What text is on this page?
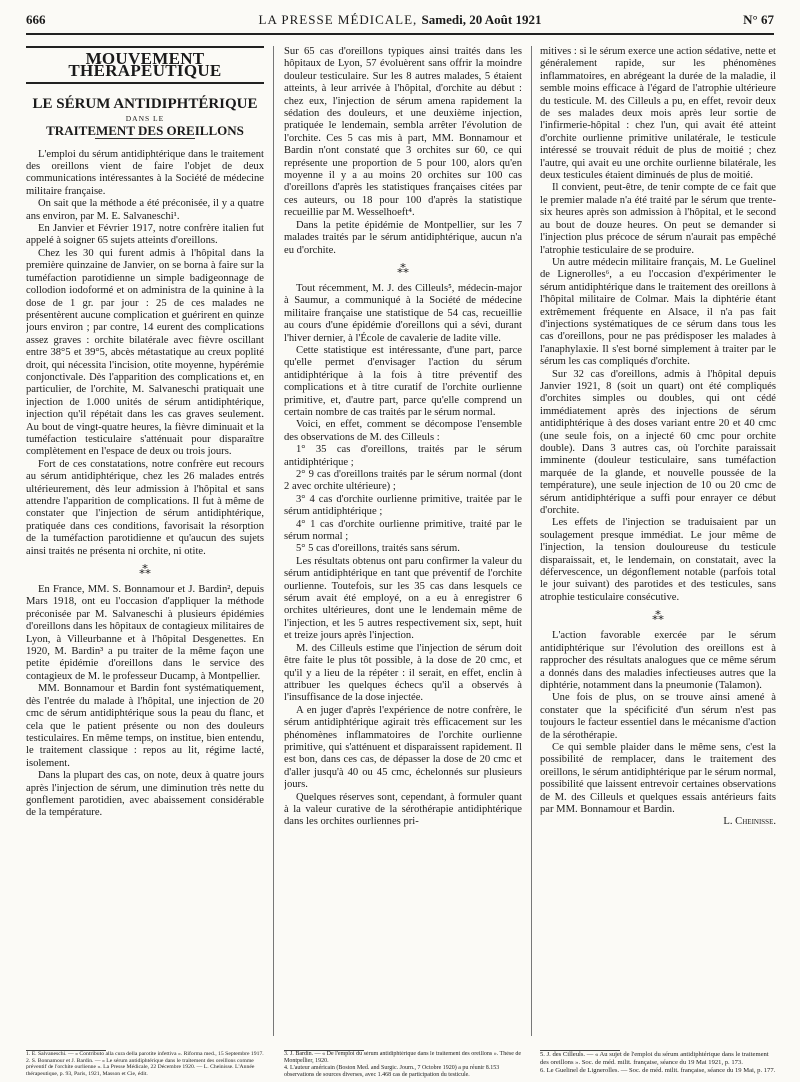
666	LA PRESSE MÉDICALE, Samedi, 20 Août 1921	N° 67
MOUVEMENT THÉRAPEUTIQUE

LE SÉRUM ANTIDIPHTÉRIQUE

DANS LE

TRAITEMENT DES OREILLONS

L'emploi du sérum antidiphtérique dans le traitement des oreillons vient de faire l'objet de deux communications intéressantes à la Société de médecine militaire française.

On sait que la méthode a été préconisée, il y a quatre ans environ, par M. E. Salvaneschi¹.

En Janvier et Février 1917, notre confrère italien fut appelé à soigner 65 sujets atteints d'oreillons.

Chez les 30 qui furent admis à l'hôpital dans la première quinzaine de Janvier, on se borna à faire sur la tuméfaction parotidienne un simple badigeonnage de collodion iodoformé et on administra de la quinine à la dose de 1 gr. par jour : 25 de ces malades ne présentèrent aucune complication et guérirent en quinze jours environ ; par contre, 14 eurent des complications assez graves : orchite bilatérale avec fièvre oscillant entre 38°5 et 39°5, abcès métastatique au creux poplité droit, qui nécessita l'incision, otite moyenne, hypérémie conjonctivale. Dès l'apparition des complications et, en particulier, de l'orchite, M. Salvaneschi pratiquait une injection de 1.000 unités de sérum antidiphtérique, injection qu'il répétait dans les cas graves seulement. Au bout de vingt-quatre heures, la fièvre diminuait et la tuméfaction testiculaire s'atténuait pour disparaître complètement en l'espace de deux ou trois jours.

Fort de ces constatations, notre confrère eut recours au sérum antidiphtérique, chez les 26 malades entrés ultérieurement, dès leur admission à l'hôpital et sans attendre l'apparition de complications. Il fut à même de constater que l'injection de sérum antidiphtérique, pratiquée dans ces conditions, favorisait la résorption de la tuméfaction parotidienne et qu'aucun des sujets ainsi traités ne présenta ni orchite, ni otite.

⁂

En France, MM. S. Bonnamour et J. Bardin², depuis Mars 1918, ont eu l'occasion d'appliquer la méthode préconisée par M. Salvaneschi à plusieurs épidémies d'oreillons dans les hôpitaux de contagieux militaires de Lyon, à Villeurbanne et à l'hôpital Desgenettes. En 1920, M. Bardin³ a pu traiter de la même façon une petite épidémie d'oreillons dans le service des contagieux de M. le professeur Ducamp, à Montpellier.

MM. Bonnamour et Bardin font systématiquement, dès l'entrée du malade à l'hôpital, une injection de 20 cmc de sérum antidiphtérique sous la peau du flanc, et cela que le patient présente ou non des douleurs testiculaires. En même temps, on institue, bien entendu, le traitement classique : repos au lit, régime lacté, isolement.

Dans la plupart des cas, on note, deux à quatre jours après l'injection de sérum, une diminution très nette du gonflement parotidien, avec abaissement considérable de la température.

Sur 65 cas d'oreillons typiques ainsi traités dans les hôpitaux de Lyon, 57 évoluèrent sans offrir la moindre douleur testiculaire. Sur les 8 autres malades, 5 étaient atteints, à leur arrivée à l'hôpital, d'orchite au début : chez eux, l'injection de sérum amena rapidement la sédation des douleurs, et une deuxième injection, pratiquée le lendemain, sembla arrêter l'évolution de l'orchite. Ces 5 cas mis à part, MM. Bonnamour et Bardin n'ont constaté que 3 orchites sur 60, ce qui représente une proportion de 5 pour 100, alors qu'en moyenne il y a au moins 20 orchites sur 100 cas d'oreillons d'après les statistiques françaises citées par ces auteurs, ou 18 pour 100 d'après la statistique recueillie par M. Wesselhoeft⁴.

Dans la petite épidémie de Montpellier, sur les 7 malades traités par le sérum antidiphtérique, aucun n'a eu d'orchite.

⁂

Tout récemment, M. J. des Cilleuls⁵, médecin-major à Saumur, a communiqué à la Société de médecine militaire française une statistique de 54 cas, recueillie au cours d'une épidémie d'oreillons qui a sévi, durant l'hiver dernier, à l'École de cavalerie de ladite ville.

Cette statistique est intéressante, d'une part, parce qu'elle permet d'envisager l'action du sérum antidiphtérique à la fois à titre préventif des complications et à titre curatif de l'orchite ourlienne primitive, et, d'autre part, parce qu'elle comprend un certain nombre de cas traités par le sérum normal.

Voici, en effet, comment se décompose l'ensemble des observations de M. des Cilleuls :

1° 35 cas d'oreillons, traités par le sérum antidiphtérique ;

2° 9 cas d'oreillons traités par le sérum normal (dont 2 avec orchite ultérieure) ;

3° 4 cas d'orchite ourlienne primitive, traitée par le sérum antidiphtérique ;

4° 1 cas d'orchite ourlienne primitive, traité par le sérum normal ;

5° 5 cas d'oreillons, traités sans sérum.

Les résultats obtenus ont paru confirmer la valeur du sérum antidiphtérique en tant que préventif de l'orchite ourlienne. Toutefois, sur les 35 cas dans lesquels ce sérum avait été employé, on a eu à enregistrer 6 orchites ultérieures, dont une le lendemain même de l'injection, et les 5 autres respectivement six, sept, huit et treize jours après l'injection.

M. des Cilleuls estime que l'injection de sérum doit être faite le plus tôt possible, à la dose de 20 cmc, et qu'il y a lieu de la répéter : il serait, en effet, enclin à attribuer les quelques échecs qu'il a observés à l'insuffisance de la dose injectée.

A en juger d'après l'expérience de notre confrère, le sérum antidiphtérique agirait très efficacement sur les phénomènes inflammatoires de l'orchite ourlienne primitive, qui s'atténuent et disparaissent rapidement. Il est bon, dans ces cas, de dépasser la dose de 20 cmc et d'aller jusqu'à 40 ou 45 cmc, échelonnés sur plusieurs jours.

Quelques réserves sont, cependant, à formuler quant à la valeur curative de la sérothérapie antidiphtérique dans les orchites ourliennes pri-

mitives : si le sérum exerce une action sédative, nette et généralement rapide, sur les phénomènes inflammatoires, en abrégeant la durée de la maladie, il semble moins efficace à l'égard de l'atrophie ultérieure du testicule. M. des Cilleuls a pu, en effet, revoir deux de ses malades deux mois après leur sortie de l'infirmerie-hôpital : chez l'un, qui avait été atteint d'orchite ourlienne primitive unilatérale, le testicule intéressé se trouvait réduit de plus de moitié ; chez l'autre, qui avait eu une orchite ourlienne bilatérale, les deux testicules étaient diminués de plus de moitié.

Il convient, peut-être, de tenir compte de ce fait que le premier malade n'a été traité par le sérum que trente-six heures après son admission à l'hôpital, et le second au bout de douze heures. On peut se demander si l'injection plus précoce de sérum n'aurait pas empêché l'atrophie testiculaire de se produire.

Un autre médecin militaire français, M. Le Guelinel de Lignerolles⁶, a eu l'occasion d'expérimenter le sérum antidiphtérique dans le traitement des oreillons à l'hôpital militaire de Colmar. Mais la diphtérie étant extrêmement fréquente en Alsace, il n'a pas fait d'injections systématiques de ce sérum dans tous les cas d'oreillons, pour ne pas prédisposer les malades à l'anaphylaxie. Il s'est borné simplement à traiter par le sérum les cas compliqués d'orchite.

Sur 32 cas d'oreillons, admis à l'hôpital depuis Janvier 1921, 8 (soit un quart) ont été compliqués d'orchites simples ou doubles, qui ont cédé immédiatement après des injections de sérum antidiphtérique à des doses variant entre 20 et 40 cmc (une seule fois, on a injecté 60 cmc pour orchite double). Dans 3 autres cas, où l'orchite paraissait imminente (douleur testiculaire, sans tuméfaction marquée de la glande, et nouvelle poussée de la température), une seule injection de 10 ou 20 cmc de sérum antidiphtérique a suffi pour enrayer ce début d'orchite.

Les effets de l'injection se traduisaient par un soulagement presque immédiat. Le jour même de l'injection, la tension douloureuse du testicule disparaissait, et, le lendemain, on constatait, avec la défervescence, un dégonflement notable (parfois total le jour suivant) des parotides et des testicules, sans atrophie testiculaire consécutive.

⁂

L'action favorable exercée par le sérum antidiphtérique sur l'évolution des oreillons est à rapprocher des résultats analogues que ce même sérum a donnés dans des maladies infectieuses autres que la diphtérie, notamment dans la pneumonie (Talamon).

Une fois de plus, on se trouve ainsi amené à constater que la spécificité d'un sérum n'est pas toujours le facteur essentiel dans le mécanisme d'action de la sérothérapie.

Ce qui semble plaider dans le même sens, c'est la possibilité de remplacer, dans le traitement des oreillons, le sérum antidiphtérique par le sérum normal, possibilité que laissent entrevoir certaines observations de M. des Cilleuls et quelques essais antérieurs faits par MM. Bonnamour et Bardin.

L. Cheinisse.

1. E. Salvaneschi. — « Contributo alla cura della parotite infettiva ». Riforma med., 15 Septembre 1917.

2. S. Bonnamour et J. Bardin. — « Le sérum antidiphtérique dans le traitement des oreillons comme préventif de l'orchite ourlienne ». La Presse Médicale, 22 Décembre 1920. — L. Cheinisse. L'Année thérapeutique, p. 93, Paris, 1921, Masson et Cie, édit.

3. J. Bardin. — « De l'emploi du sérum antidiphtérique dans le traitement des oreillons ». Thèse de Montpellier, 1920.

4. L'auteur américain (Boston Med. and Surgic. Journ., 7 Octobre 1920) a pu réunir 8.153 observations de sources diverses, avec 1.468 cas de participation du testicule.

5. J. des Cilleuls. — « Au sujet de l'emploi du sérum antidiphtérique dans le traitement des oreillons ». Soc. de méd. milit. française, séance du 19 Mai 1921, p. 173.

6. Le Guelinel de Lignerolles. — Soc. de méd. milit. française, séance du 19 Mai, p. 177.
